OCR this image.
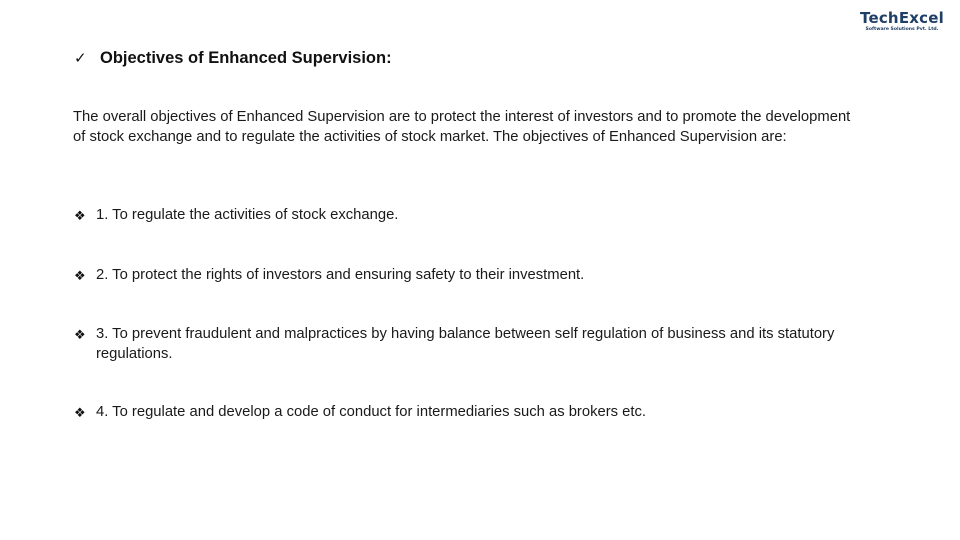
TechExcel
Software Solutions Pvt. Ltd.
✓ Objectives of Enhanced Supervision:

The overall objectives of Enhanced Supervision are to protect the interest of investors and to promote the development of stock exchange and to regulate the activities of stock market. The objectives of Enhanced Supervision are:

❖ 1. To regulate the activities of stock exchange.
❖ 2. To protect the rights of investors and ensuring safety to their investment.
❖ 3. To prevent fraudulent and malpractices by having balance between self regulation of business and its statutory regulations.
❖ 4. To regulate and develop a code of conduct for intermediaries such as brokers etc.
